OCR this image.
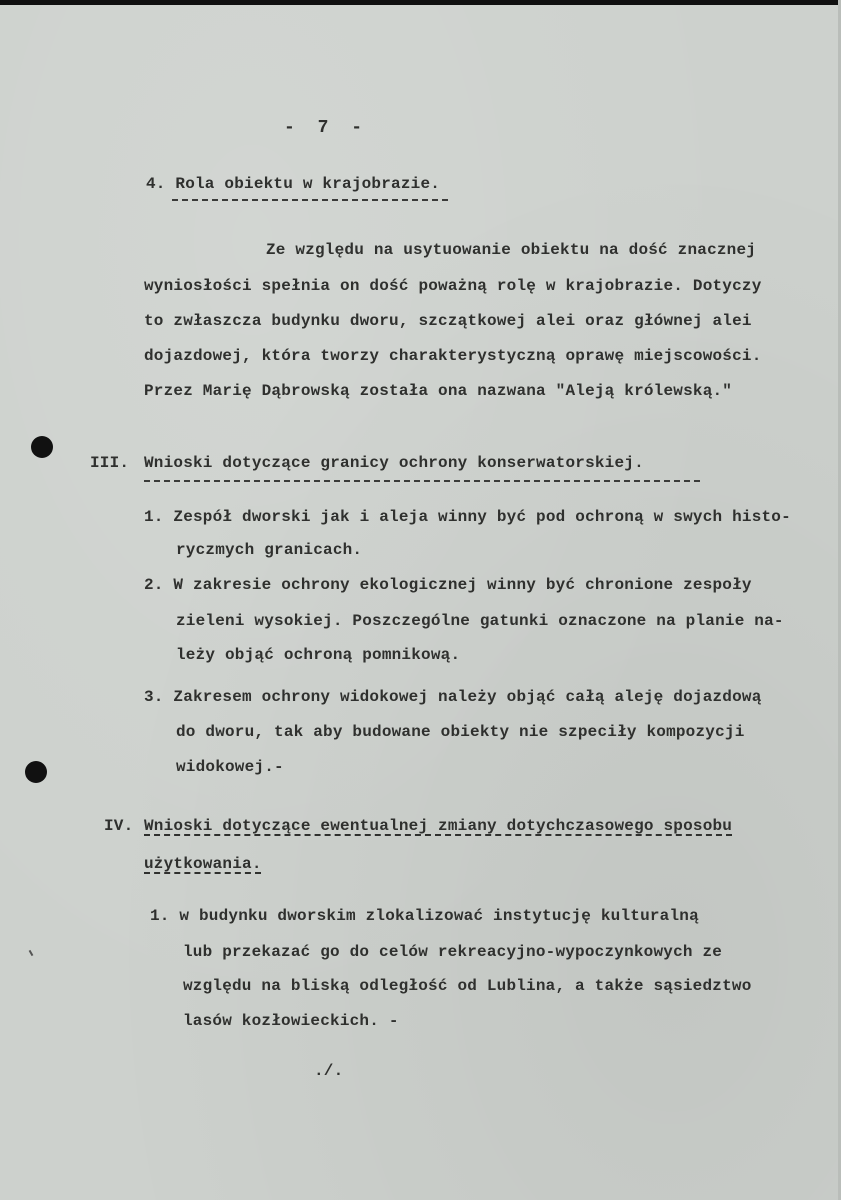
- 7 -
4. Rola obiektu w krajobrazie.
Ze względu na usytuowanie obiektu na dość znacznej
wyniosłości spełnia on dość poważną rolę w krajobrazie. Dotyczy
to zwłaszcza budynku dworu, szczątkowej alei oraz głównej alei
dojazdowej, która tworzy charakterystyczną oprawę miejscowości.
Przez Marię Dąbrowską została ona nazwana "Aleją królewską."
III. Wnioski dotyczące granicy ochrony konserwatorskiej.
1. Zespół dworski jak i aleja winny być pod ochroną w swych histo-
ryczmych granicach.
2. W zakresie ochrony ekologicznej winny być chronione zespoły
zieleni wysokiej. Poszczególne gatunki oznaczone na planie na-
leży objąć ochroną pomnikową.
3. Zakresem ochrony widokowej należy objąć całą aleję dojazdową
do dworu, tak aby budowane obiekty nie szpeciły kompozycji
widokowej.-
IV. Wnioski dotyczące ewentualnej zmiany dotychczasowego sposobu
użytkowania.
1. w budynku dworskim zlokalizować instytucję kulturalną
lub przekazać go do celów rekreacyjno-wypoczynkowych ze
względu na bliską odległość od Lublina, a także sąsiedztwo
lasów kozłowieckich. -
./.
